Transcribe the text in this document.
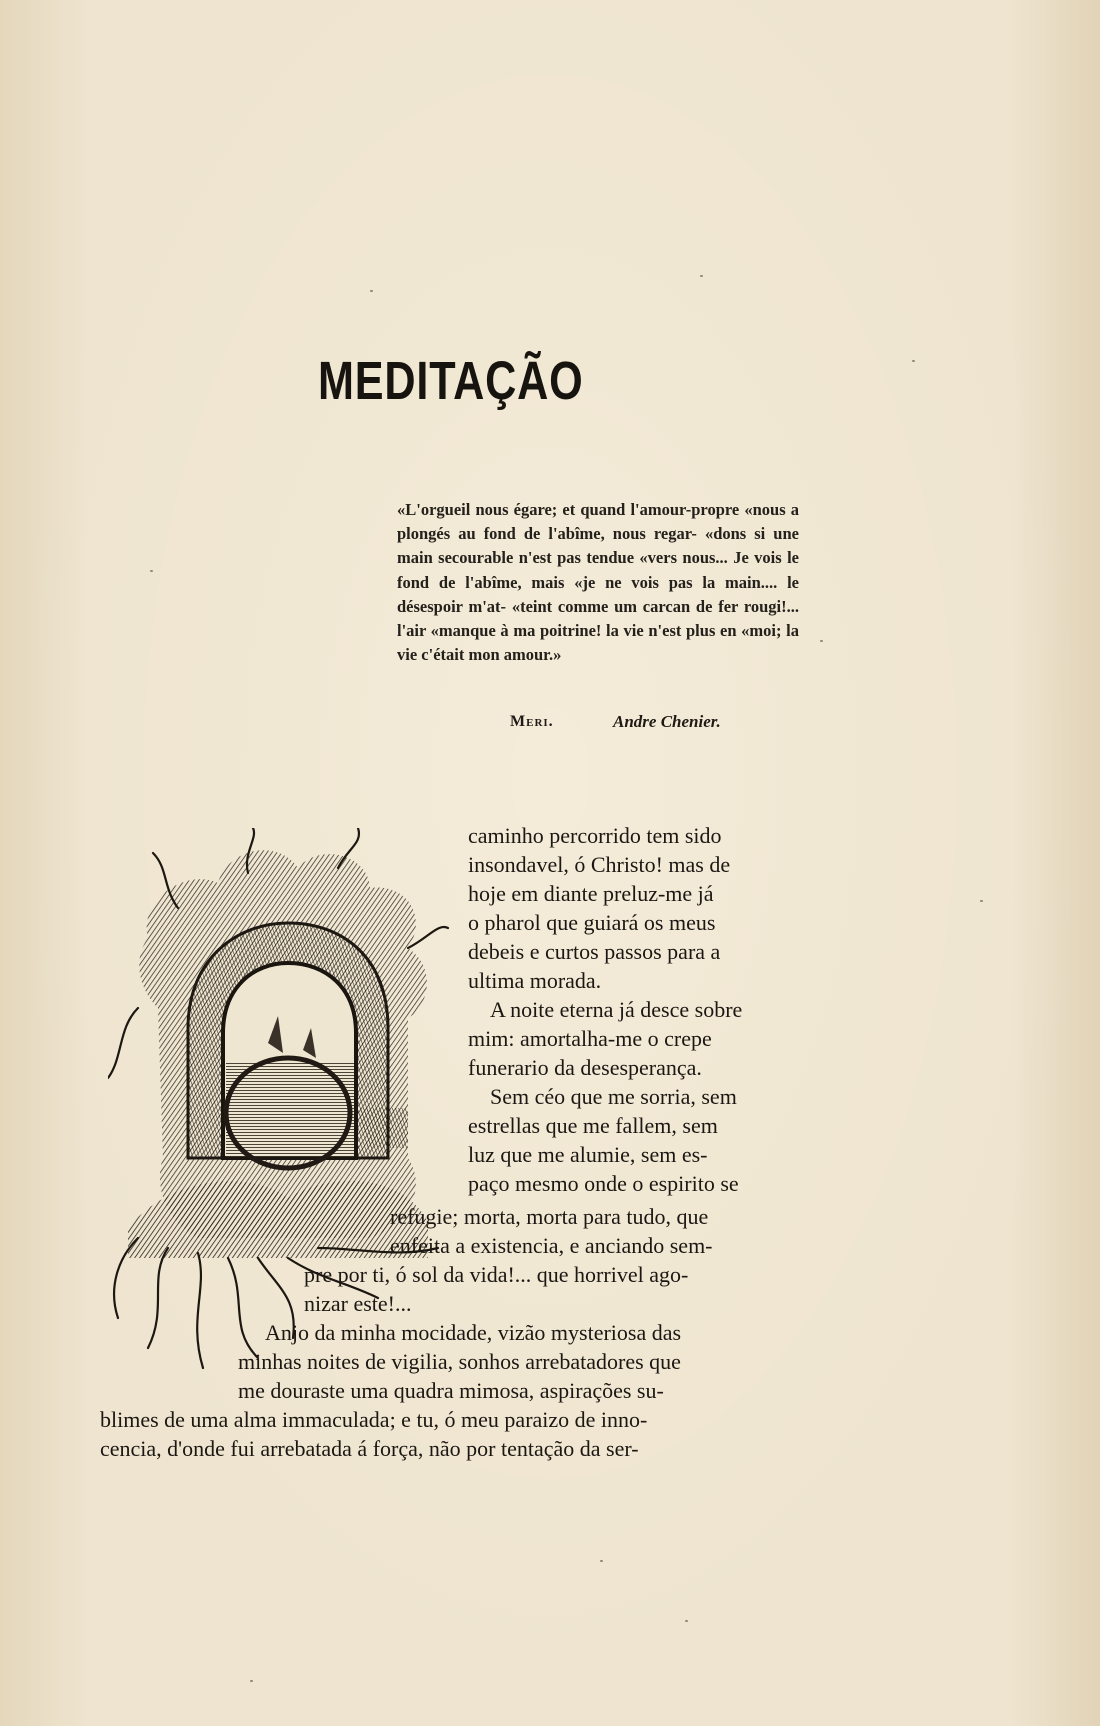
MEDITAÇÃO

«L'orgueil nous égare; et quand l'amour-propre «nous a plongés au fond de l'abîme, nous regar- «dons si une main secourable n'est pas tendue «vers nous... Je vois le fond de l'abîme, mais «je ne vois pas la main.... le désespoir m'at- «teint comme um carcan de fer rougi!... l'air «manque à ma poitrine! la vie n'est plus en «moi; la vie c'était mon amour.»

Meri.	Andre Chenier.
caminho percorrido tem sido
insondavel, ó Christo! mas de
hoje em diante preluz-me já
o pharol que guiará os meus
debeis e curtos passos para a
ultima morada.
A noite eterna já desce sobre
mim: amortalha-me o crepe
funerario da desesperança.
Sem céo que me sorria, sem
estrellas que me fallem, sem
luz que me alumie, sem es-
paço mesmo onde o espirito se
refugie; morta, morta para tudo, que
enfeita a existencia, e anciando sem-
pre por ti, ó sol da vida!... que horrivel ago-
nizar este!...
Anjo da minha mocidade, vizão mysteriosa das
minhas noites de vigilia, sonhos arrebatadores que
me douraste uma quadra mimosa, aspirações su-
blimes de uma alma immaculada; e tu, ó meu paraizo de inno-
cencia, d'onde fui arrebatada á força, não por tentação da ser-
